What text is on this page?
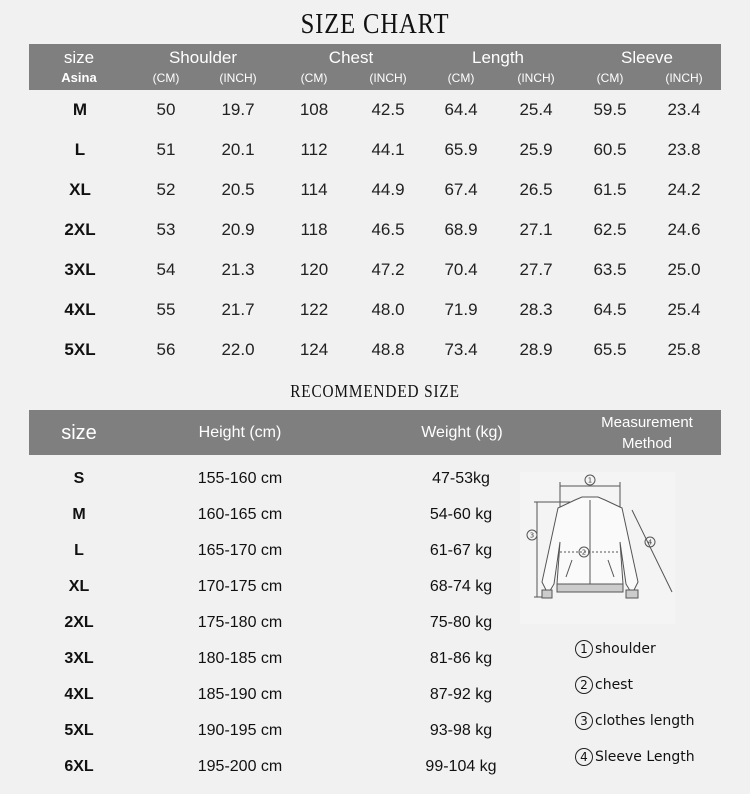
SIZE CHART
size
Asina
Shoulder	Chest	Length	Sleeve
(CM)	(INCH)	(CM)	(INCH)	(CM)	(INCH)	(CM)	(INCH)
M	50	19.7	108	42.5 64.4 25.4 59.5 23.4
L	51	20.1	112	44.1 65.9 25.9 60.5 23.8
XL	52	20.5	114	44.9 67.4 26.5 61.5 24.2
2XL	53	20.9	118	46.5 68.9 27.1 62.5 24.6
3XL	54	21.3	120	47.2 70.4 27.7 63.5 25.0
4XL	55	21.7	122	48.0 71.9 28.3 64.5 25.4
5XL	56	22.0	124	48.8 73.4 28.9 65.5 25.8
RECOMMENDED SIZE
size	Height (cm)	Weight (kg)
Measurement
Method
S	155-160 cm	47-53kg
M	160-165 cm	54-60 kg
L	165-170 cm	61-67 kg
XL	170-175 cm	68-74 kg
2XL	175-180 cm	75-80 kg
3XL	180-185 cm	81-86 kg
4XL	185-190 cm	87-92 kg
5XL	190-195 cm	93-98 kg
6XL	195-200 cm	99-104 kg
1
2
3
4
1 shoulder
2 chest
3 clothes length
4 Sleeve Length
